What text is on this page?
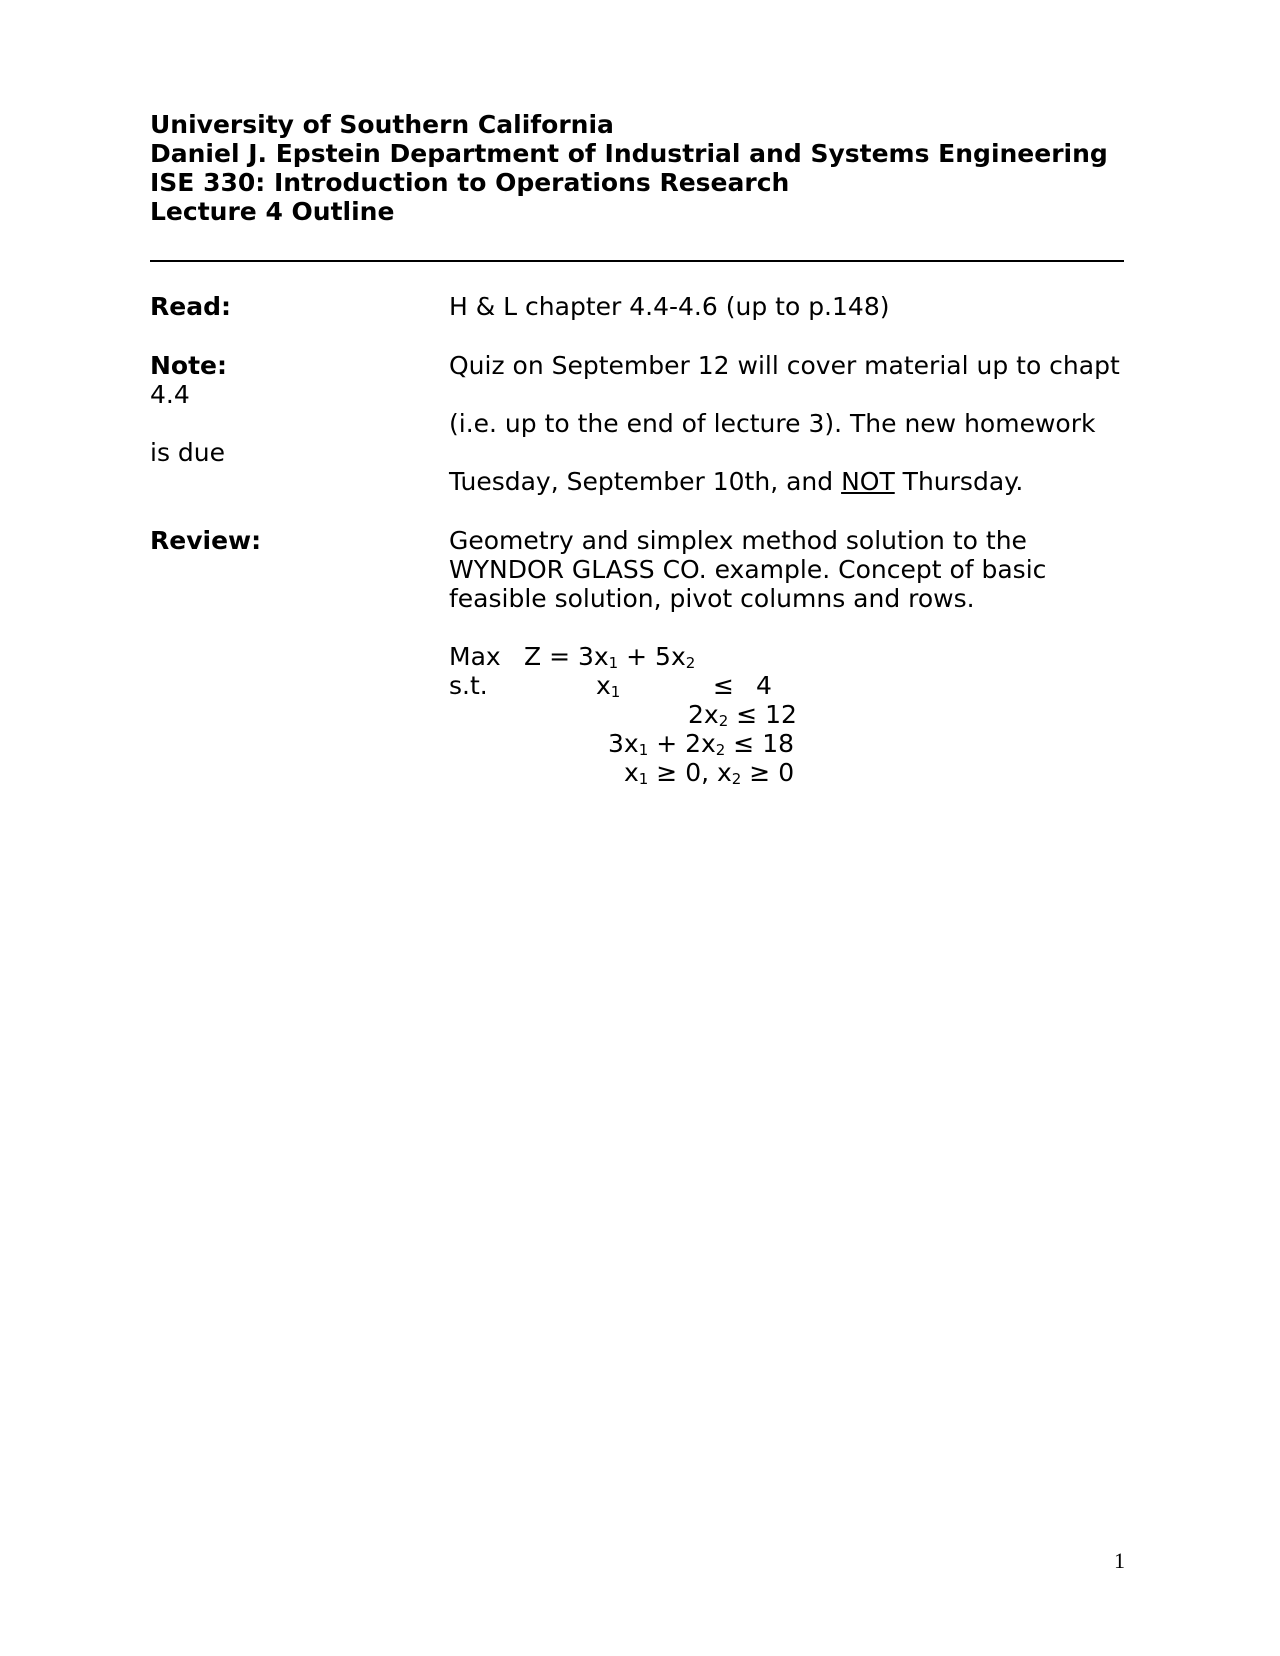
University of Southern California
Daniel J. Epstein Department of Industrial and Systems Engineering
ISE 330: Introduction to Operations Research
Lecture 4 Outline
Read:	H & L chapter 4.4-4.6 (up to p.148)
Note:	Quiz on September 12 will cover material up to chapt
4.4
(i.e. up to the end of lecture 3). The new homework
is due
Tuesday, September 10th, and NOT Thursday.
Review:	Geometry and simplex method solution to the
WYNDOR GLASS CO. example. Concept of basic
feasible solution, pivot columns and rows.
Max $Z = 3x_1 + 5x_2$
s.t.	$x_1$	≤ 4
$2x_2 \le 12$
$3x_1 + 2x_2 \le 18$
$x_1 \ge 0$, $x_2 \ge 0$
1
